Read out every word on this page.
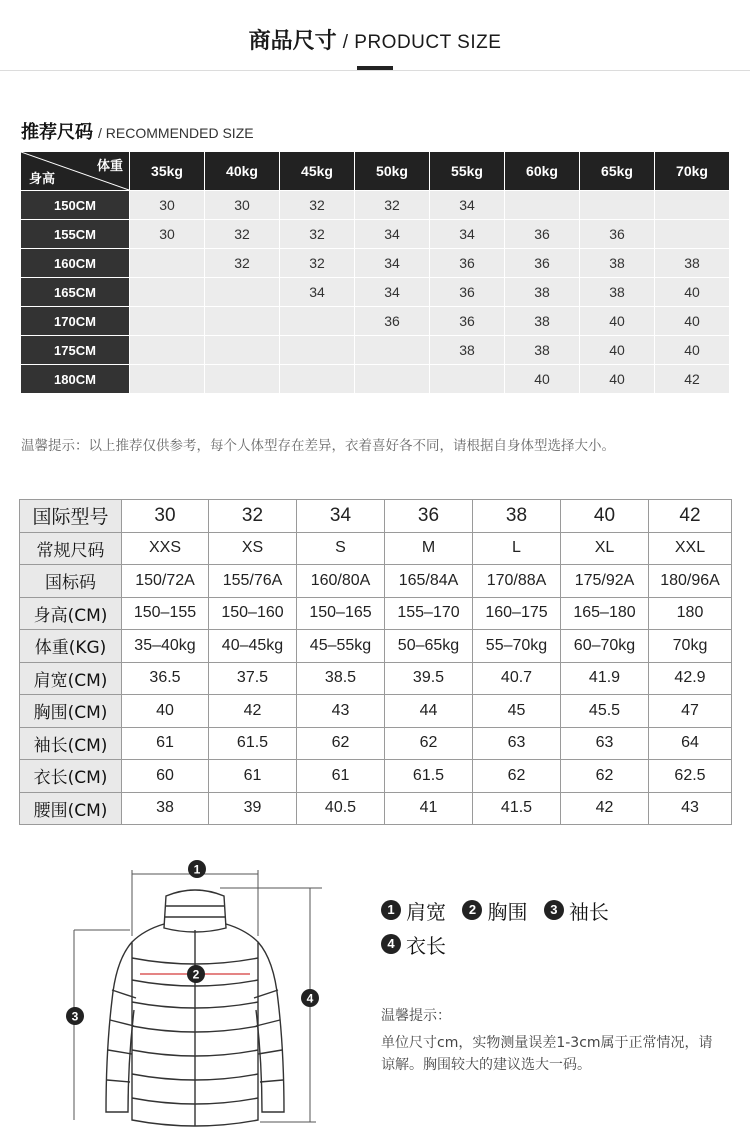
商品尺寸 / PRODUCT SIZE
推荐尺码 / RECOMMENDED SIZE
体重
身高	35kg	40kg	45kg	50kg	55kg	60kg	65kg	70kg
150CM	30	30	32	32	34			
155CM	30	32	32	34	34	36	36	
160CM		32	32	34	36	36	38	38
165CM			34	34	36	38	38	40
170CM				36	36	38	40	40
175CM					38	38	40	40
180CM						40	40	42
温馨提示：以上推荐仅供参考，每个人体型存在差异，衣着喜好各不同，请根据自身体型选择大小。
国际型号	30	32	34	36	38	40	42
常规尺码	XXS	XS	S	M	L	XL	XXL
国标码	150/72A	155/76A	160/80A	165/84A	170/88A	175/92A	180/96A
身高(CM)	150–155	150–160	150–165	155–170	160–175	165–180	180
体重(KG)	35–40kg	40–45kg	45–55kg	50–65kg	55–70kg	60–70kg	70kg
肩宽(CM)	36.5	37.5	38.5	39.5	40.7	41.9	42.9
胸围(CM)	40	42	43	44	45	45.5	47
袖长(CM)	61	61.5	62	62	63	63	64
衣长(CM)	60	61	61	61.5	62	62	62.5
腰围(CM)	38	39	40.5	41	41.5	42	43
1
2
3
4
1 肩宽
	2 胸围
	3 袖长
4 衣长
温馨提示：
单位尺寸cm，实物测量误差1-3cm属于正常情况，请谅解。胸围较大的建议选大一码。
